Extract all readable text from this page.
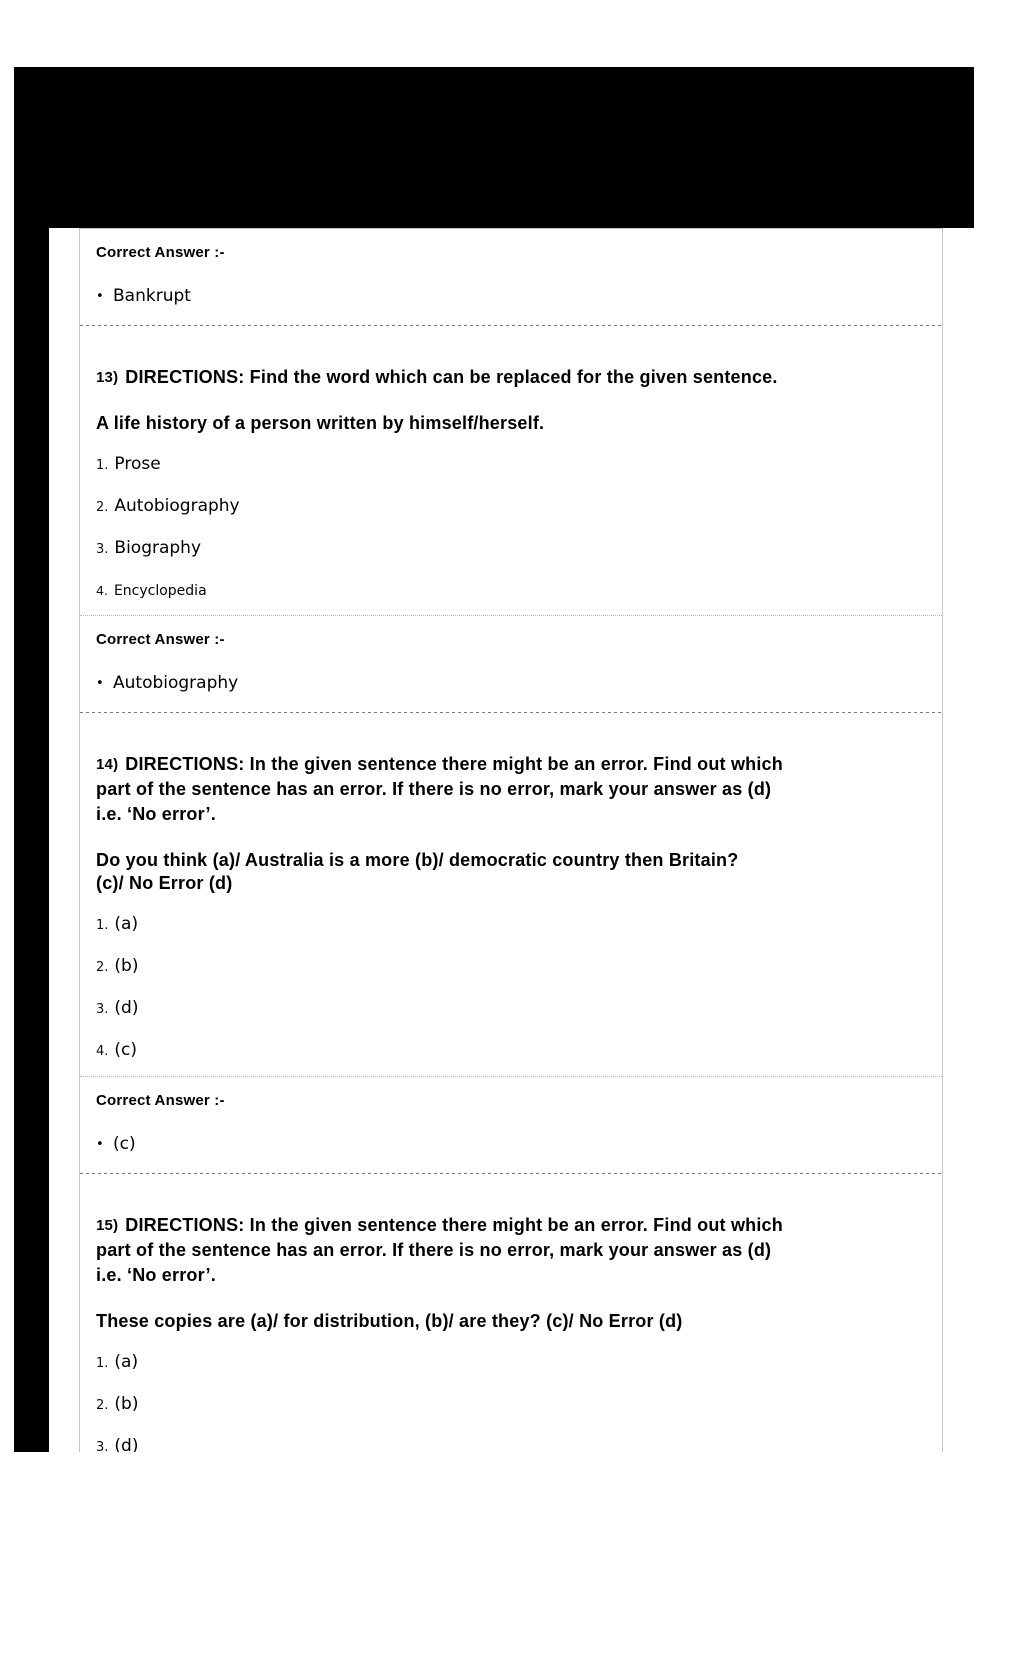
Correct Answer :-
• Bankrupt
13) DIRECTIONS: Find the word which can be replaced for the given sentence.
A life history of a person written by himself/herself.
1. Prose
2. Autobiography
3. Biography
4. Encyclopedia
Correct Answer :-
• Autobiography
14) DIRECTIONS: In the given sentence there might be an error. Find out which
part of the sentence has an error. If there is no error, mark your answer as (d)
i.e. ‘No error’.
Do you think (a)/ Australia is a more (b)/ democratic country then Britain?
(c)/ No Error (d)
1. (a)
2. (b)
3. (d)
4. (c)
Correct Answer :-
• (c)
15) DIRECTIONS: In the given sentence there might be an error. Find out which
part of the sentence has an error. If there is no error, mark your answer as (d)
i.e. ‘No error’.
These copies are (a)/ for distribution, (b)/ are they? (c)/ No Error (d)
1. (a)
2. (b)
3. (d)
